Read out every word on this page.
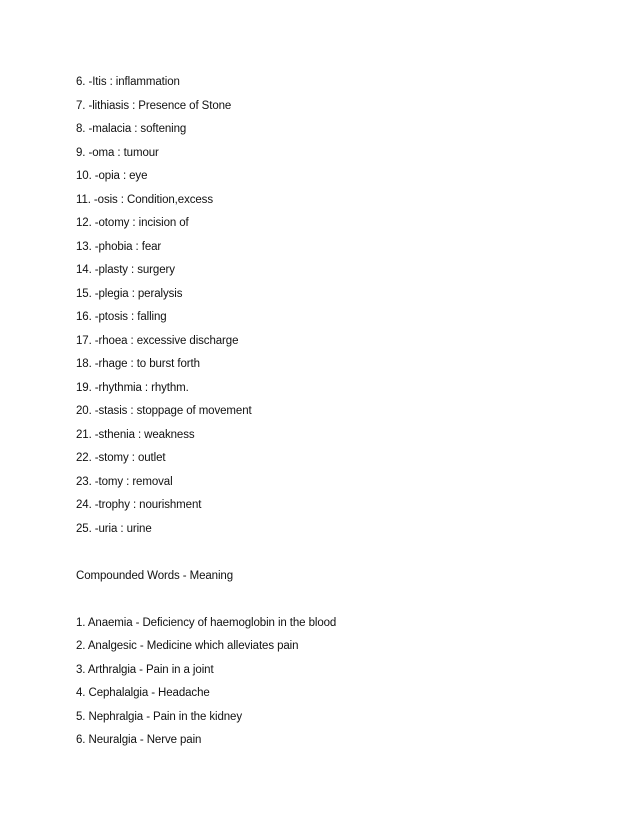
6. -Itis : inflammation
7. -lithiasis : Presence of Stone
8. -malacia : softening
9. -oma : tumour
10. -opia : eye
11. -osis : Condition,excess
12. -otomy : incision of
13. -phobia : fear
14. -plasty : surgery
15. -plegia : peralysis
16. -ptosis : falling
17. -rhoea : excessive discharge
18. -rhage : to burst forth
19. -rhythmia : rhythm.
20. -stasis : stoppage of movement
21. -sthenia : weakness
22. -stomy : outlet
23. -tomy : removal
24. -trophy : nourishment
25. -uria : urine
Compounded Words - Meaning
1. Anaemia - Deficiency of haemoglobin in the blood
2. Analgesic - Medicine which alleviates pain
3. Arthralgia - Pain in a joint
4. Cephalalgia - Headache
5. Nephralgia - Pain in the kidney
6. Neuralgia - Nerve pain
